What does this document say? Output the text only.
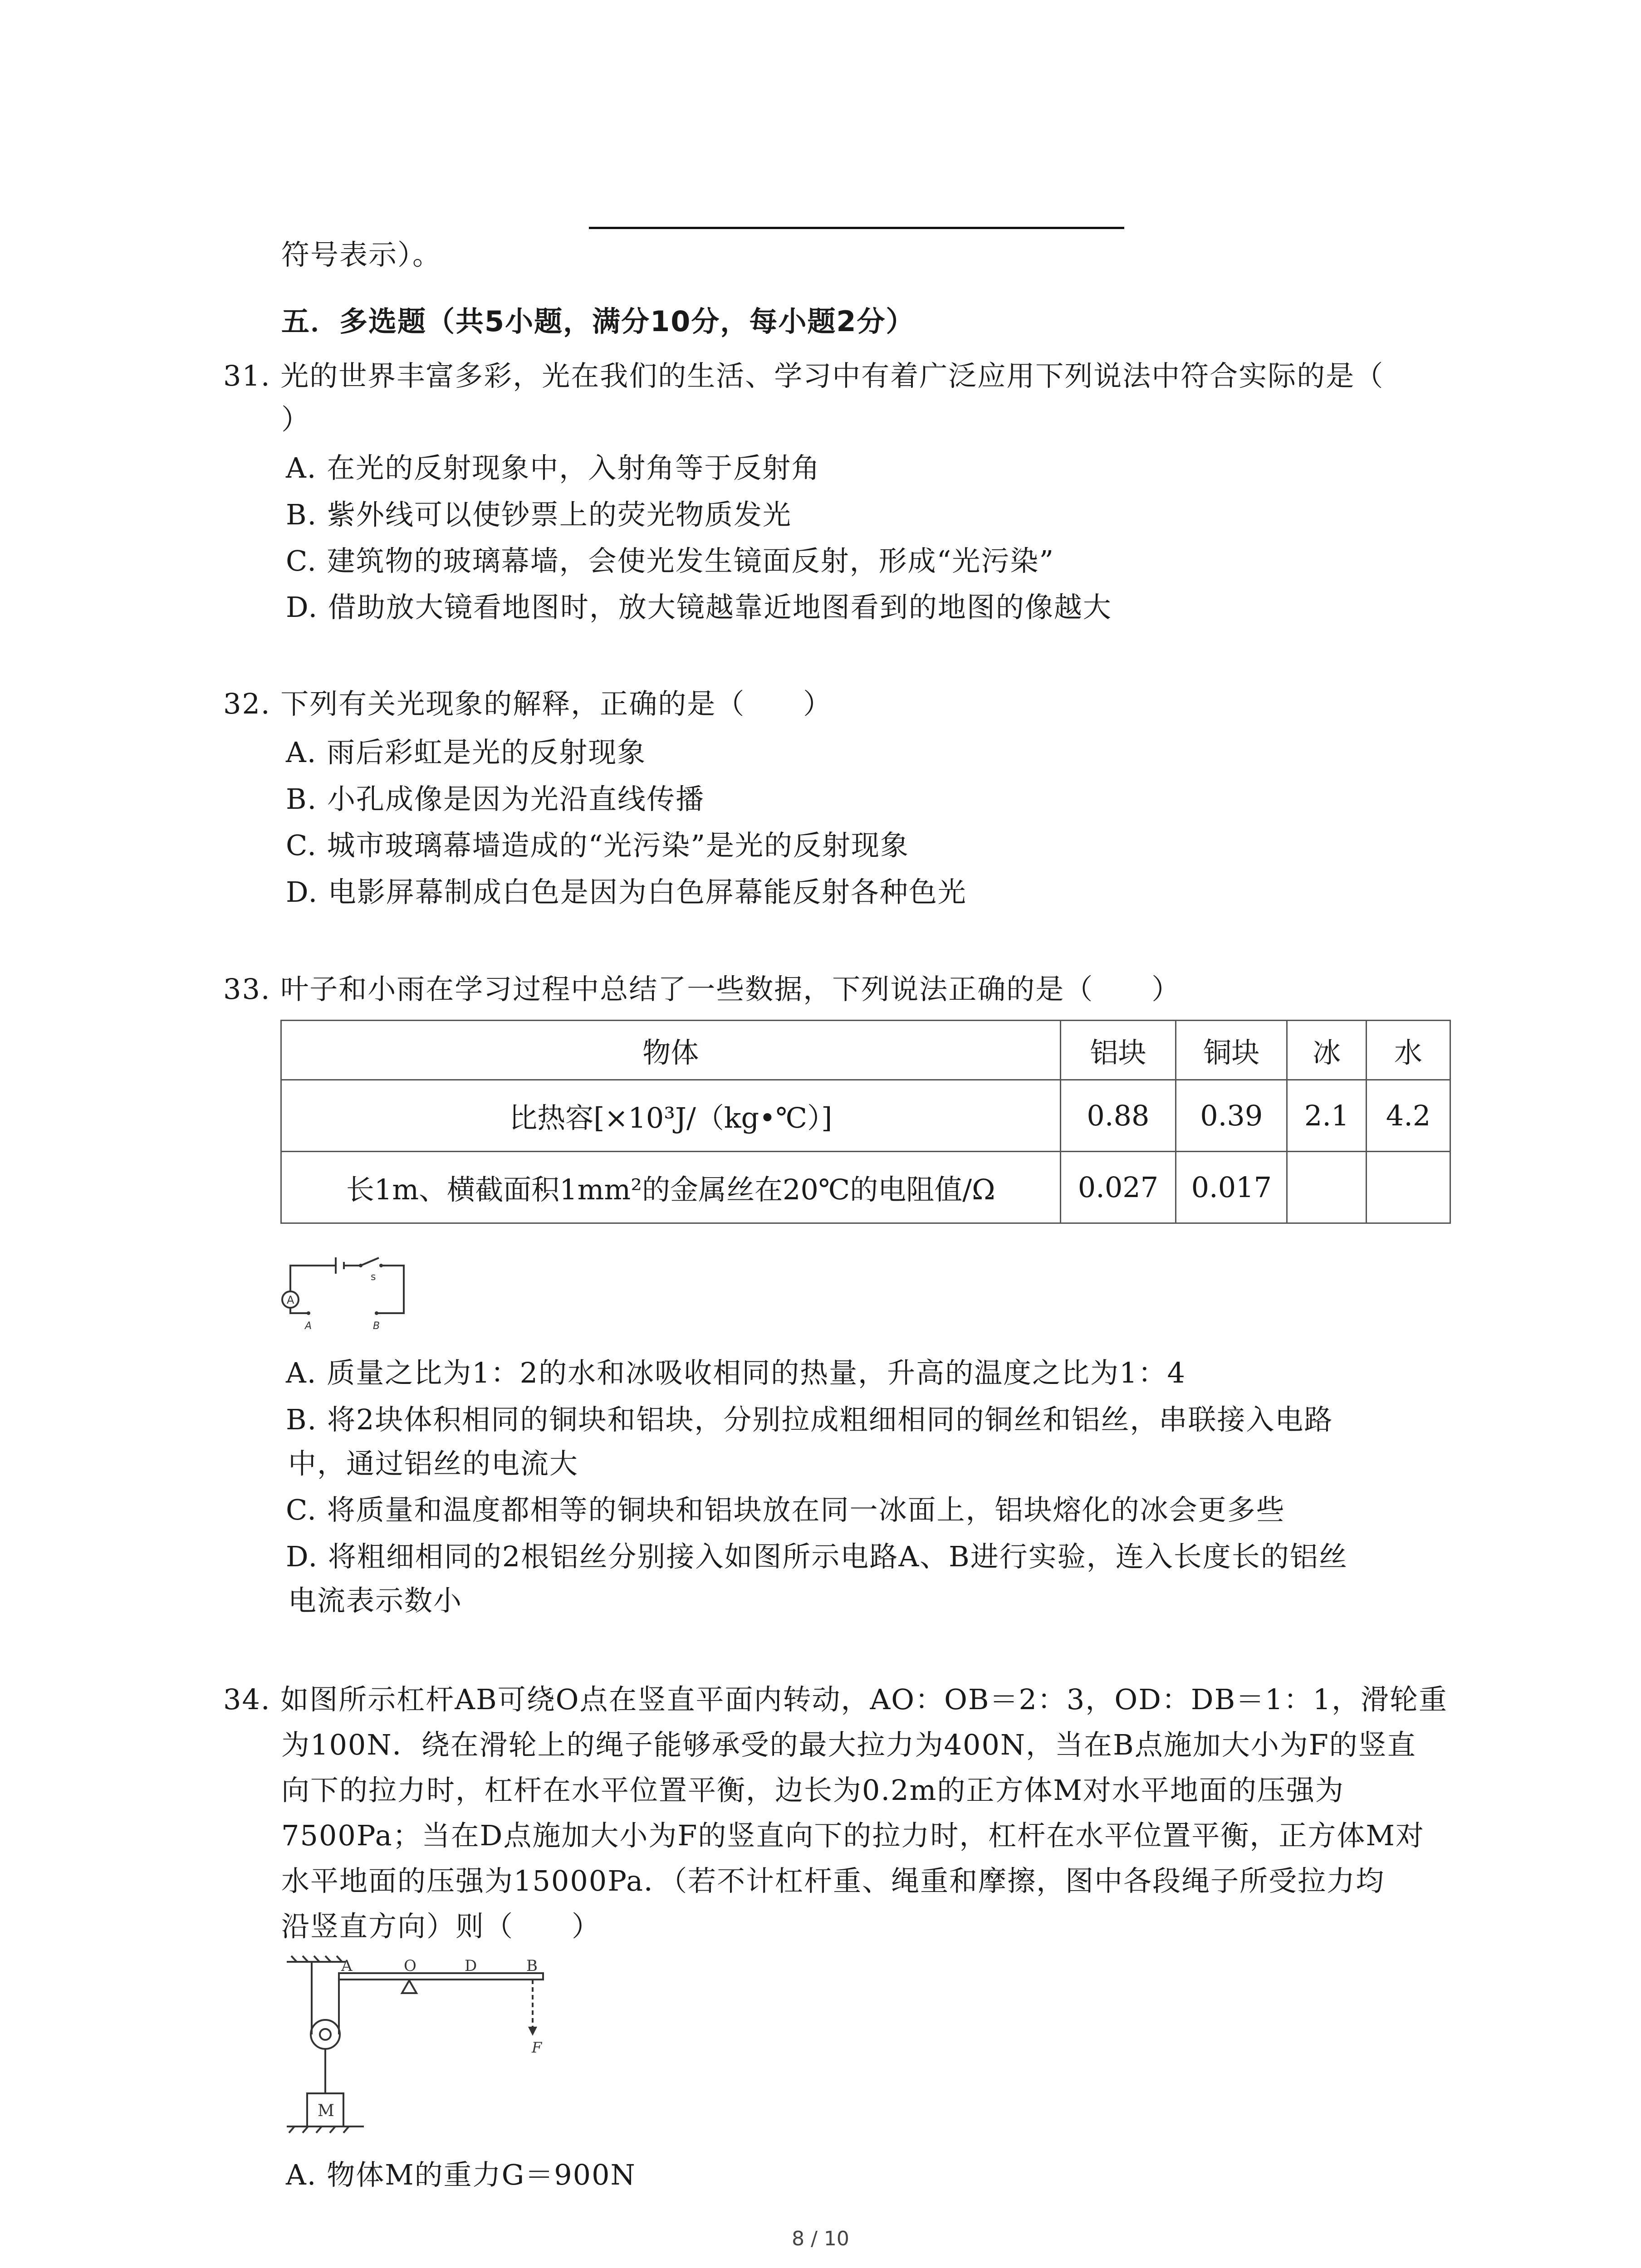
符号表示）。
五．多选题（共5小题，满分10分，每小题2分）
31. 光的世界丰富多彩，光在我们的生活、学习中有着广泛应用下列说法中符合实际的是（
）
A. 在光的反射现象中，入射角等于反射角
B. 紫外线可以使钞票上的荧光物质发光
C. 建筑物的玻璃幕墙，会使光发生镜面反射，形成“光污染”
D. 借助放大镜看地图时，放大镜越靠近地图看到的地图的像越大
32. 下列有关光现象的解释，正确的是（　　）
A. 雨后彩虹是光的反射现象
B. 小孔成像是因为光沿直线传播
C. 城市玻璃幕墙造成的“光污染”是光的反射现象
D. 电影屏幕制成白色是因为白色屏幕能反射各种色光
33. 叶子和小雨在学习过程中总结了一些数据，下列说法正确的是（　　）
物体	铝块	铜块	冰	水
比热容[×10³J/（kg•℃）]	0.88	0.39	2.1	4.2
长1m、横截面积1mm²的金属丝在20℃的电阻值/Ω	0.027	0.017		
A
s
A	B
A. 质量之比为1：2的水和冰吸收相同的热量，升高的温度之比为1：4
B. 将2块体积相同的铜块和铝块，分别拉成粗细相同的铜丝和铝丝，串联接入电路
中，通过铝丝的电流大
C. 将质量和温度都相等的铜块和铝块放在同一冰面上，铝块熔化的冰会更多些
D. 将粗细相同的2根铝丝分别接入如图所示电路A、B进行实验，连入长度长的铝丝
电流表示数小
34. 如图所示杠杆AB可绕O点在竖直平面内转动，AO：OB＝2：3，OD：DB＝1：1，滑轮重
为100N．绕在滑轮上的绳子能够承受的最大拉力为400N，当在B点施加大小为F的竖直
向下的拉力时，杠杆在水平位置平衡，边长为0.2m的正方体M对水平地面的压强为
7500Pa；当在D点施加大小为F的竖直向下的拉力时，杠杆在水平位置平衡，正方体M对
水平地面的压强为15000Pa．（若不计杠杆重、绳重和摩擦，图中各段绳子所受拉力均
沿竖直方向）则（　　）
A	O	D	B
F
M
A. 物体M的重力G＝900N
8 / 10
